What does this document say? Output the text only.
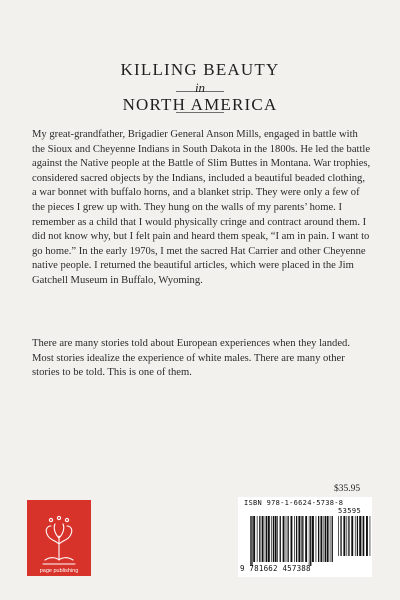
KILLING BEAUTY
in
NORTH AMERICA

My great-grandfather, Brigadier General Anson Mills, engaged in battle with the Sioux and Cheyenne Indians in South Dakota in the 1800s. He led the battle against the Native people at the Battle of Slim Buttes in Montana. War trophies, considered sacred objects by the Indians, included a beautiful beaded clothing, a war bonnet with buffalo horns, and a blanket strip. They were only a few of the pieces I grew up with. They hung on the walls of my parents’ home. I remember as a child that I would physically cringe and contract around them. I did not know why, but I felt pain and heard them speak, “I am in pain. I want to go home.” In the early 1970s, I met the sacred Hat Carrier and other Cheyenne native people. I returned the beautiful articles, which were placed in the Jim Gatchell Museum in Buffalo, Wyoming.

There are many stories told about European experiences when they landed. Most stories idealize the experience of white males. There are many other stories to be told. This is one of them.

$35.95
ISBN 978-1-6624-5738-8
53595
9 781662 457388
page publishing
